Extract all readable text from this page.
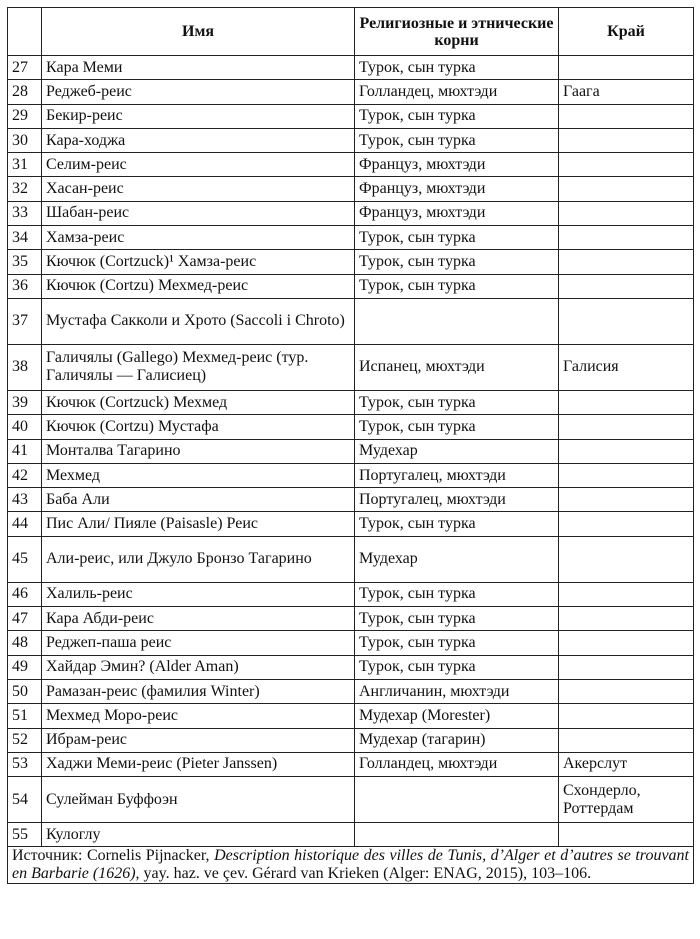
	Имя	Религиозные и этнические корни	Край
27	Кара Меми	Турок, сын турка	
28	Реджеб-реис	Голландец, мюхтэди	Гаага
29	Бекир-реис	Турок, сын турка	
30	Кара-ходжа	Турок, сын турка	
31	Селим-реис	Француз, мюхтэди	
32	Хасан-реис	Француз, мюхтэди	
33	Шабан-реис	Француз, мюхтэди	
34	Хамза-реис	Турок, сын турка	
35	Кючюк (Cortzuck)¹ Хамза-реис	Турок, сын турка	
36	Кючюк (Cortzu) Мехмед-реис	Турок, сын турка	
37	Мустафа Сакколи и Хрото (Saccoli i Chroto)		
38	Галичялы (Gallego) Мехмед-реис (тур. Галичялы — Галисиец)	Испанец, мюхтэди	Галисия
39	Кючюк (Cortzuck) Мехмед	Турок, сын турка	
40	Кючюк (Cortzu) Мустафа	Турок, сын турка	
41	Монталва Тагарино	Мудехар	
42	Мехмед	Португалец, мюхтэди	
43	Баба Али	Португалец, мюхтэди	
44	Пис Али/ Пияле (Paisasle) Реис	Турок, сын турка	
45	Али-реис, или Джуло Бронзо Тагарино	Мудехар	
46	Халиль-реис	Турок, сын турка	
47	Кара Абди-реис	Турок, сын турка	
48	Реджеп-паша реис	Турок, сын турка	
49	Хайдар Эмин? (Alder Aman)	Турок, сын турка	
50	Рамазан-реис (фамилия Winter)	Англичанин, мюхтэди	
51	Мехмед Моро-реис	Мудехар (Morester)	
52	Ибрам-реис	Мудехар (тагарин)	
53	Хаджи Меми-реис (Pieter Janssen)	Голландец, мюхтэди	Акерслут
54	Сулейман Буффоэн		Схондерло, Роттердам
55	Кулоглу		
Источник: Cornelis Pijnacker, Description historique des villes de Tunis, d’Alger et d’autres se trouvant en Barbarie (1626), yay. haz. ve çev. Gérard van Krieken (Alger: ENAG, 2015), 103–106.			
